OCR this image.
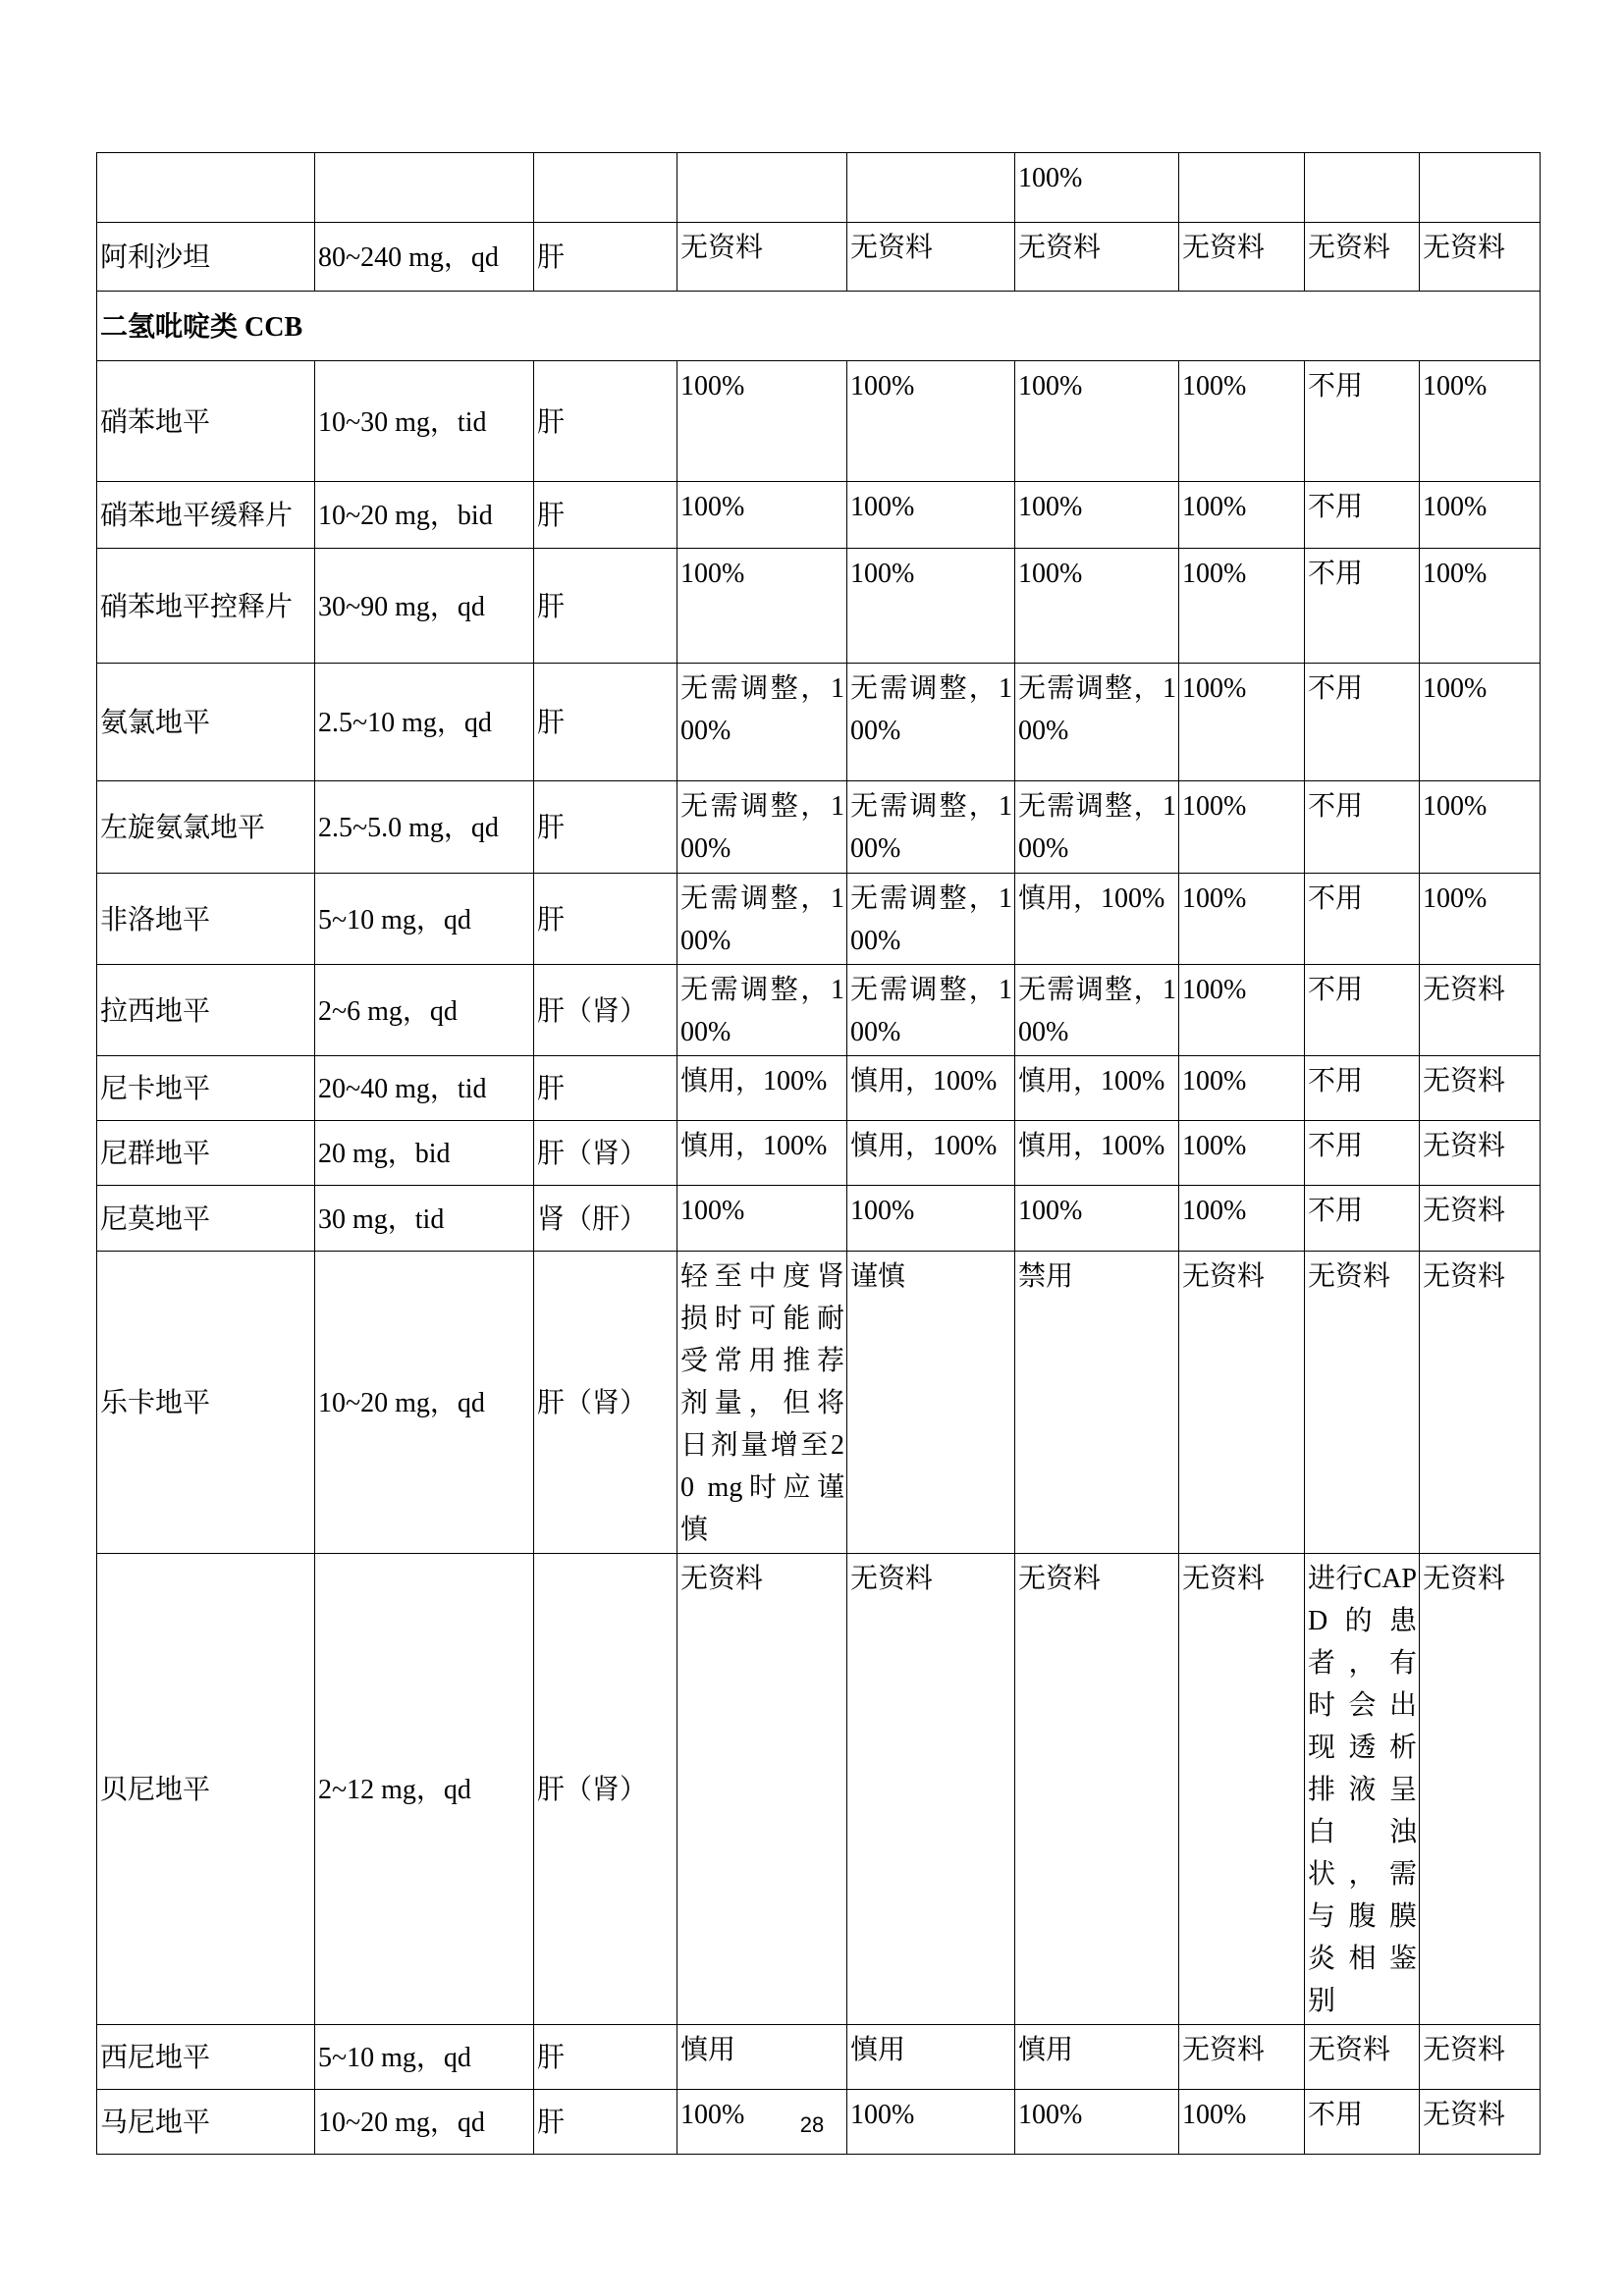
					100%			
阿利沙坦	80~240 mg，qd	肝	无资料	无资料	无资料	无资料	无资料	无资料
二氢吡啶类 CCB								
硝苯地平	10~30 mg，tid	肝	100%	100%	100%	100%	不用	100%
硝苯地平缓释片	10~20 mg，bid	肝	100%	100%	100%	100%	不用	100%
硝苯地平控释片	30~90 mg，qd	肝	100%	100%	100%	100%	不用	100%
氨氯地平	2.5~10 mg，qd	肝	无需调整，100%	无需调整，100%	无需调整，100%	100%	不用	100%
左旋氨氯地平	2.5~5.0 mg，qd	肝	无需调整，100%	无需调整，100%	无需调整，100%	100%	不用	100%
非洛地平	5~10 mg，qd	肝	无需调整，100%	无需调整，100%	慎用，100%	100%	不用	100%
拉西地平	2~6 mg，qd	肝（肾）	无需调整，100%	无需调整，100%	无需调整，100%	100%	不用	无资料
尼卡地平	20~40 mg，tid	肝	慎用，100%	慎用，100%	慎用，100%	100%	不用	无资料
尼群地平	20 mg，bid	肝（肾）	慎用，100%	慎用，100%	慎用，100%	100%	不用	无资料
尼莫地平	30 mg，tid	肾（肝）	100%	100%	100%	100%	不用	无资料
乐卡地平	10~20 mg，qd	肝（肾）	轻至中度肾损时可能耐受常用推荐剂量，但将日剂量增至20 mg时应谨慎	谨慎	禁用	无资料	无资料	无资料
贝尼地平	2~12 mg，qd	肝（肾）	无资料	无资料	无资料	无资料	进行CAPD的患者，有时会出现透析排液呈白浊状，需与腹膜炎相鉴别	无资料
西尼地平	5~10 mg，qd	肝	慎用	慎用	慎用	无资料	无资料	无资料
马尼地平	10~20 mg，qd	肝	100%	100%	100%	100%	不用	无资料
28
